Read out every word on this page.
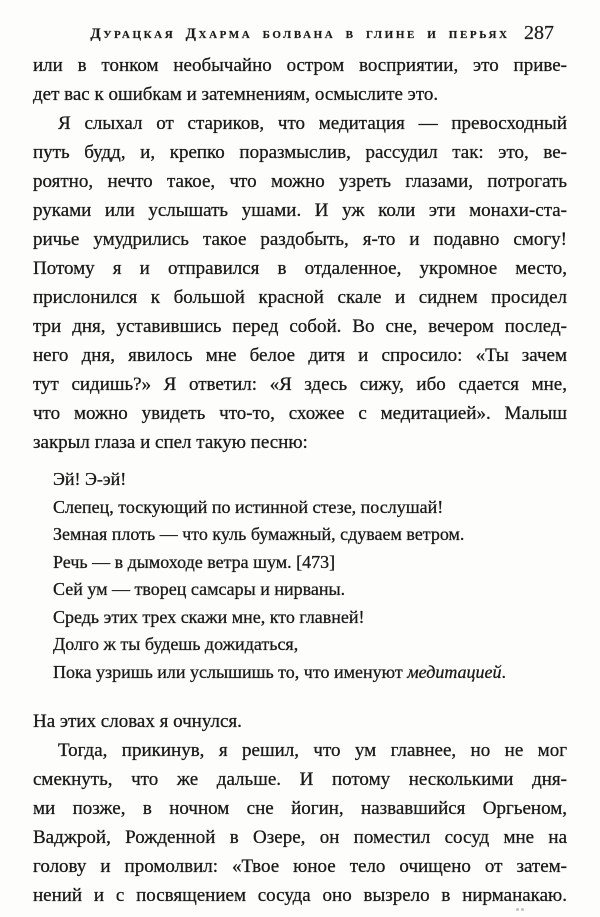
Дурацкая Дхарма болвана в глине и перьях 287
или в тонком необычайно остром восприятии, это приве-
дет вас к ошибкам и затемнениям, осмыслите это.
Я слыхал от стариков, что медитация — превосходный
путь будд, и, крепко поразмыслив, рассудил так: это, ве-
роятно, нечто такое, что можно узреть глазами, потрогать
руками или услышать ушами. И уж коли эти монахи-ста-
ричье умудрились такое раздобыть, я-то и подавно смогу!
Потому я и отправился в отдаленное, укромное место,
прислонился к большой красной скале и сиднем просидел
три дня, уставившись перед собой. Во сне, вечером послед-
него дня, явилось мне белое дитя и спросило: «Ты зачем
тут сидишь?» Я ответил: «Я здесь сижу, ибо сдается мне,
что можно увидеть что-то, схожее с медитацией». Малыш
закрыл глаза и спел такую песню:
Эй! Э-эй!
Слепец, тоскующий по истинной стезе, послушай!
Земная плоть — что куль бумажный, сдуваем ветром.
Речь — в дымоходе ветра шум. [473]
Сей ум — творец самсары и нирваны.
Средь этих трех скажи мне, кто главней!
Долго ж ты будешь дожидаться,
Пока узришь или услышишь то, что именуют медитацией.
На этих словах я очнулся.
Тогда, прикинув, я решил, что ум главнее, но не мог
смекнуть, что же дальше. И потому несколькими дня-
ми позже, в ночном сне йогин, назвавшийся Оргьеном,
Ваджрой, Рожденной в Озере, он поместил сосуд мне на
голову и промолвил: «Твое юное тело очищено от затем-
нений и с посвящением сосуда оно вызрело в нирманакаю.
